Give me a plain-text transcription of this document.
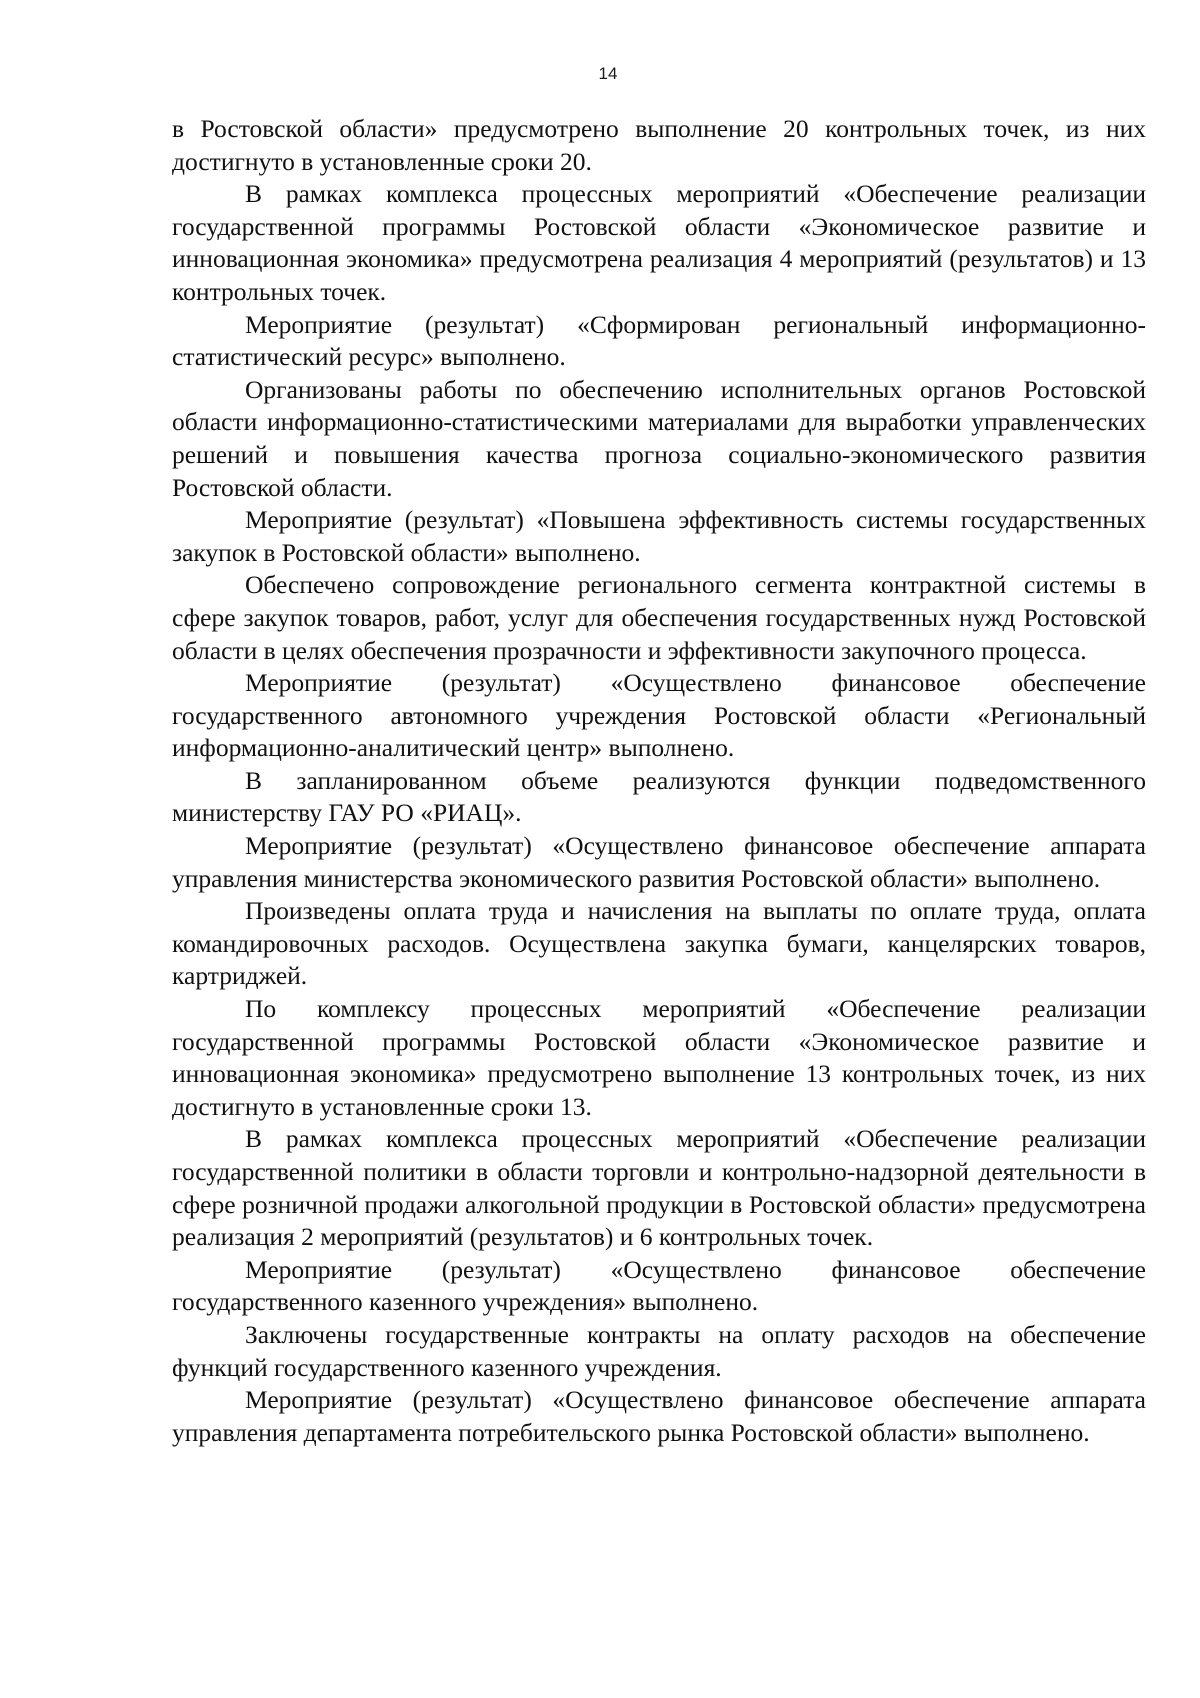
14

в Ростовской области» предусмотрено выполнение 20 контрольных точек, из них достигнуто в установленные сроки 20.

В рамках комплекса процессных мероприятий «Обеспечение реализации государственной программы Ростовской области «Экономическое развитие и инновационная экономика» предусмотрена реализация 4 мероприятий (результатов) и 13 контрольных точек.

Мероприятие (результат) «Сформирован региональный информационно-статистический ресурс» выполнено.

Организованы работы по обеспечению исполнительных органов Ростовской области информационно-статистическими материалами для выработки управленческих решений и повышения качества прогноза социально-экономического развития Ростовской области.

Мероприятие (результат) «Повышена эффективность системы государственных закупок в Ростовской области» выполнено.

Обеспечено сопровождение регионального сегмента контрактной системы в сфере закупок товаров, работ, услуг для обеспечения государственных нужд Ростовской области в целях обеспечения прозрачности и эффективности закупочного процесса.

Мероприятие (результат) «Осуществлено финансовое обеспечение государственного автономного учреждения Ростовской области «Региональный информационно-аналитический центр» выполнено.

В запланированном объеме реализуются функции подведомственного министерству ГАУ РО «РИАЦ».

Мероприятие (результат) «Осуществлено финансовое обеспечение аппарата управления министерства экономического развития Ростовской области» выполнено.

Произведены оплата труда и начисления на выплаты по оплате труда, оплата командировочных расходов. Осуществлена закупка бумаги, канцелярских товаров, картриджей.

По комплексу процессных мероприятий «Обеспечение реализации государственной программы Ростовской области «Экономическое развитие и инновационная экономика» предусмотрено выполнение 13 контрольных точек, из них достигнуто в установленные сроки 13.

В рамках комплекса процессных мероприятий «Обеспечение реализации государственной политики в области торговли и контрольно-надзорной деятельности в сфере розничной продажи алкогольной продукции в Ростовской области» предусмотрена реализация 2 мероприятий (результатов) и 6 контрольных точек.

Мероприятие (результат) «Осуществлено финансовое обеспечение государственного казенного учреждения» выполнено.

Заключены государственные контракты на оплату расходов на обеспечение функций государственного казенного учреждения.

Мероприятие (результат) «Осуществлено финансовое обеспечение аппарата управления департамента потребительского рынка Ростовской области» выполнено.
